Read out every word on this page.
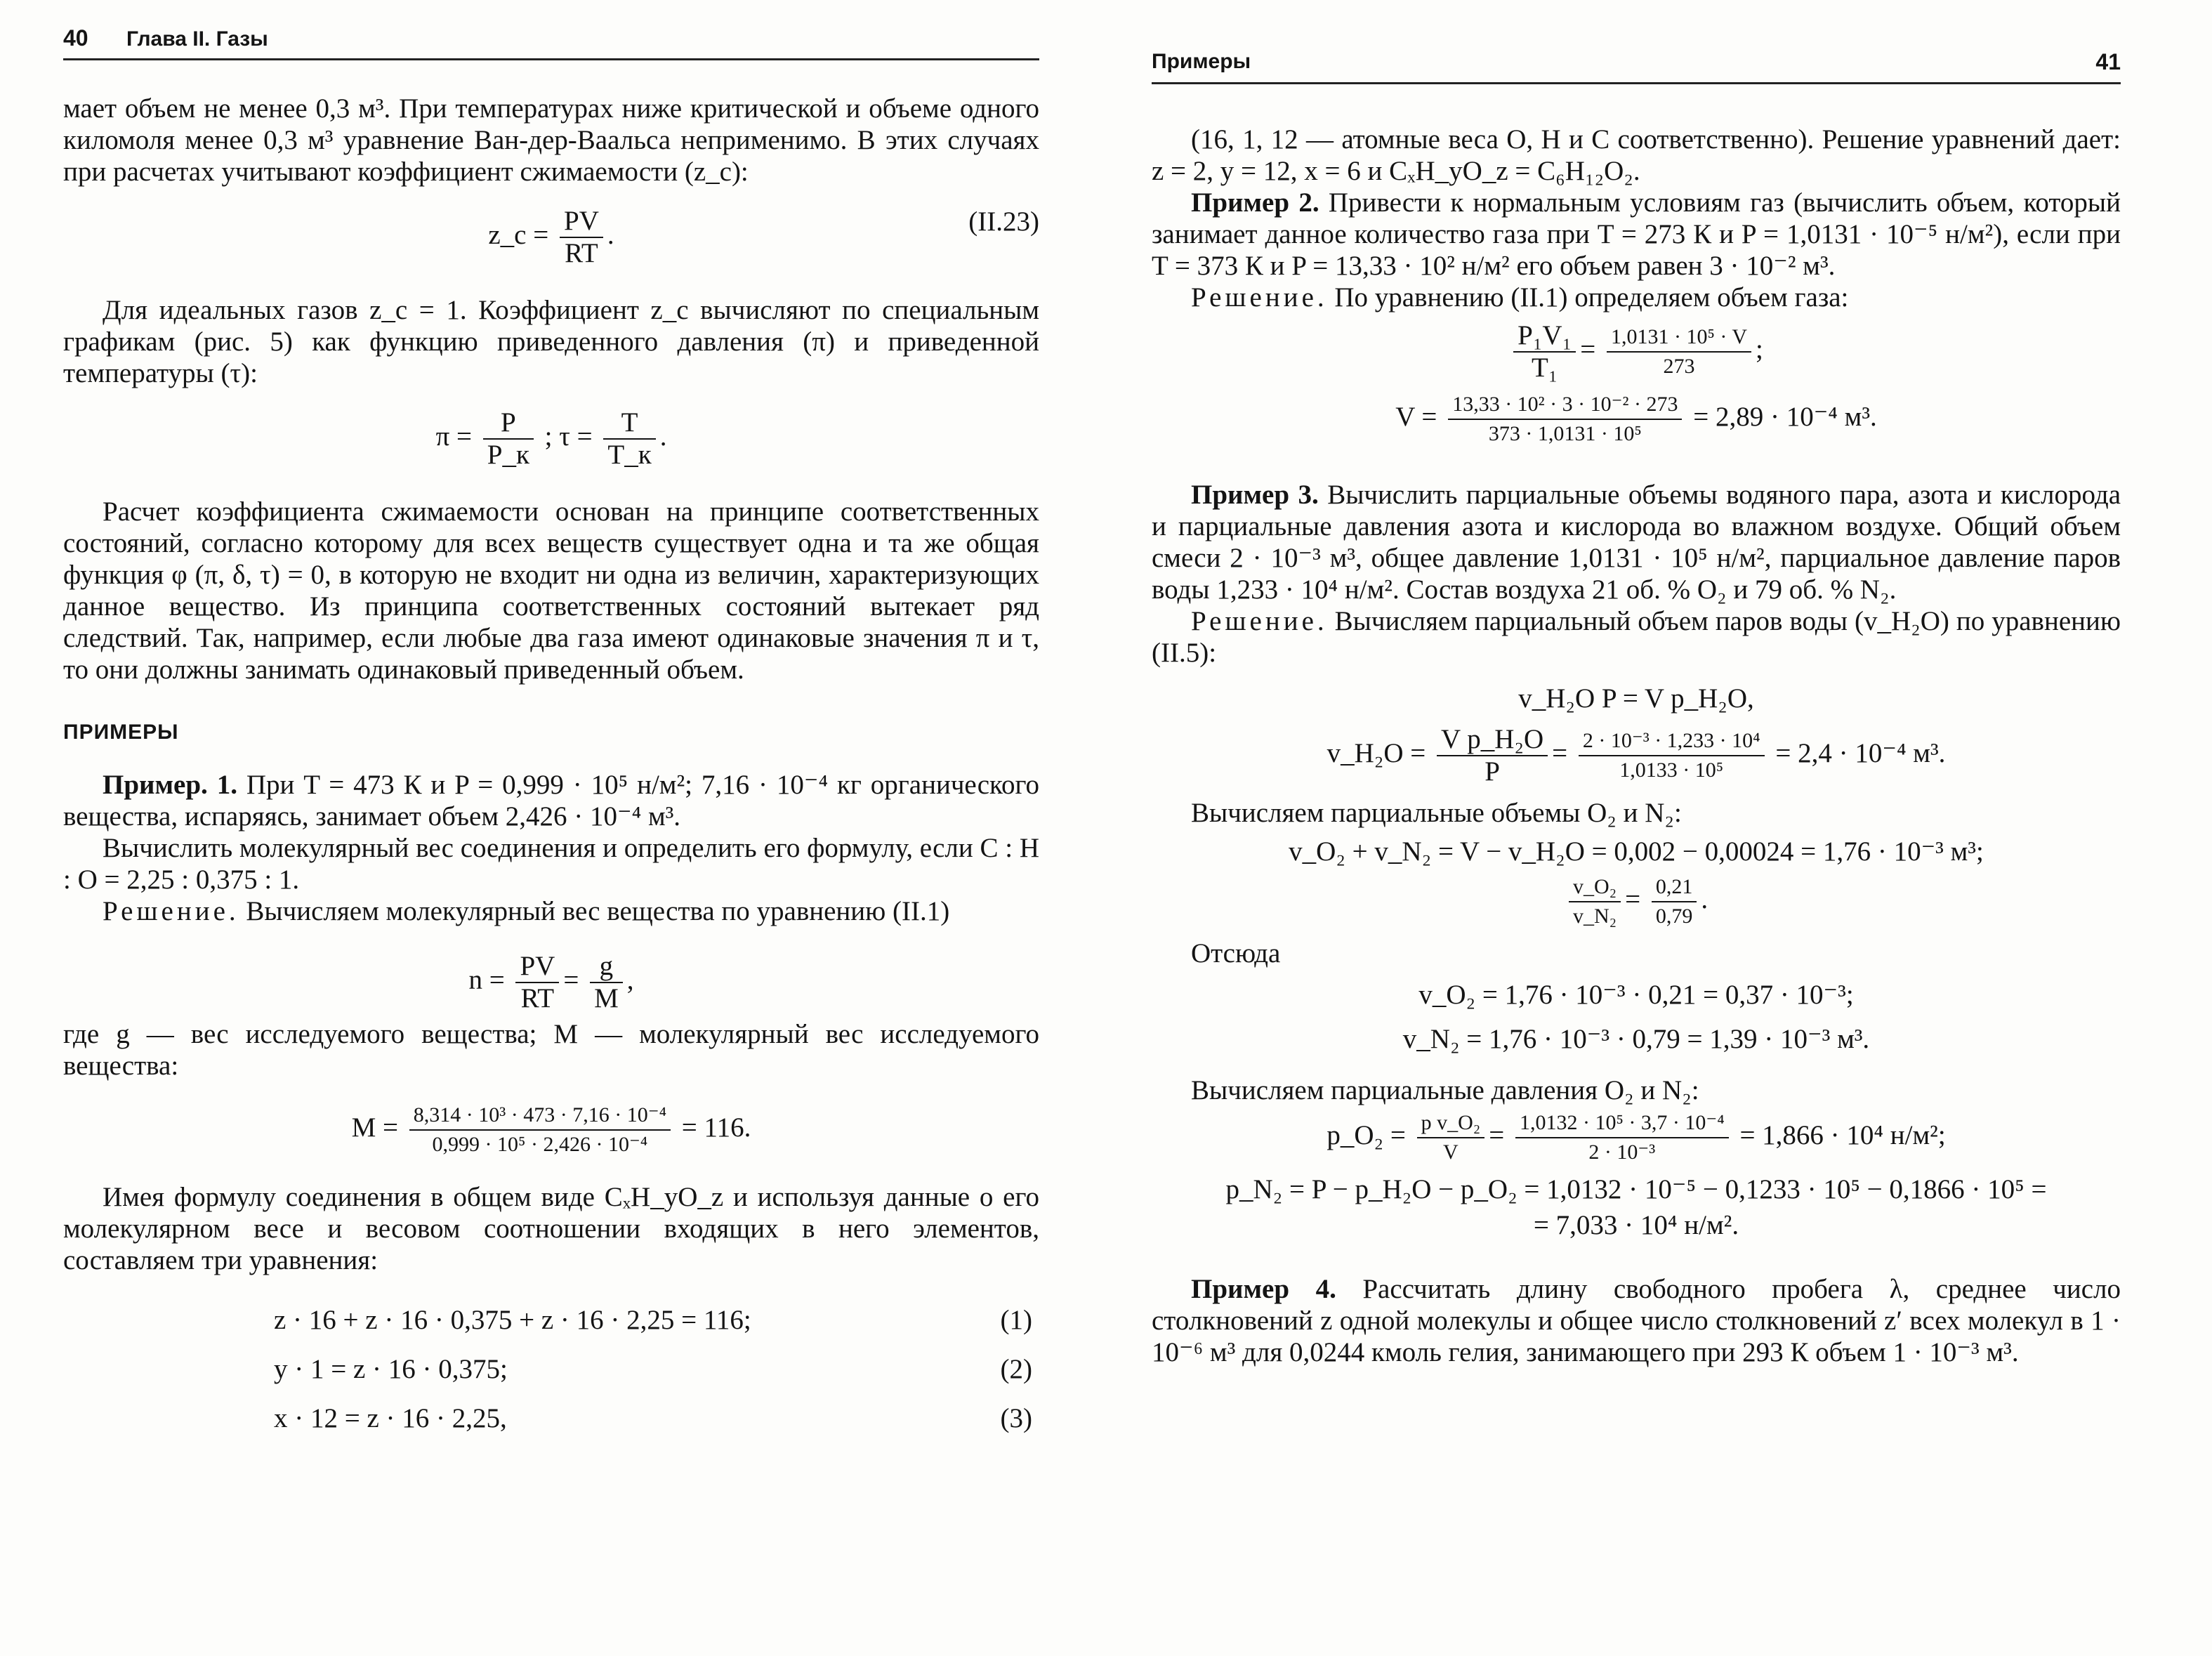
40 Глава II. Газы

мает объем не менее 0,3 м³. При температурах ниже критической и объеме одного киломоля менее 0,3 м³ уравнение Ван-дер-Ваальса неприменимо. В этих случаях при расчетах учитывают коэффициент сжимаемости (z_c):

z_c = $\frac{PV}{RT}$ .	(II.23)

Для идеальных газов z_c = 1. Коэффициент z_c вычисляют по специальным графикам (рис. 5) как функцию приведенного давления (π) и приведенной температуры (τ):

$\pi = \frac{P}{P\_к}$ ; $\tau = \frac{T}{T\_к}$ .

Расчет коэффициента сжимаемости основан на принципе соответственных состояний, согласно которому для всех веществ существует одна и та же общая функция φ (π, δ, τ) = 0, в которую не входит ни одна из величин, характеризующих данное вещество. Из принципа соответственных состояний вытекает ряд следствий. Так, например, если любые два газа имеют одинаковые значения π и τ, то они должны занимать одинаковый приведенный объем.

ПРИМЕРЫ

Пример. 1. При T = 473 К и P = 0,999 · 10⁵ н/м²; 7,16 · 10⁻⁴ кг органического вещества, испаряясь, занимает объем 2,426 · 10⁻⁴ м³.

Вычислить молекулярный вес соединения и определить его формулу, если C : H : O = 2,25 : 0,375 : 1.

Решение. Вычисляем молекулярный вес вещества по уравнению (II.1)

$n = \frac{PV}{RT} = \frac{g}{M}$ ,

где g — вес исследуемого вещества; M — молекулярный вес исследуемого вещества:

$M = \frac{\text{8,314 · 10³ · 473 · 7,16 · 10⁻⁴}}{\text{0,999 · 10⁵ · 2,426 · 10⁻⁴}} = 116$.

Имея формулу соединения в общем виде CₓH_yO_z и используя данные о его молекулярном весе и весовом соотношении входящих в него элементов, составляем три уравнения:

z · 16 + z · 16 · 0,375 + z · 16 · 2,25 = 116;	(1)
y · 1 = z · 16 · 0,375;	(2)
x · 12 = z · 16 · 2,25,	(3)
Примеры	41

(16, 1, 12 — атомные веса O, H и C соответственно). Решение уравнений дает: z = 2, y = 12, x = 6 и CₓH_yO_z = C₆H₁₂O₂.

Пример 2. Привести к нормальным условиям газ (вычислить объем, который занимает данное количество газа при T = 273 К и P = 1,0131 · 10⁻⁵ н/м²), если при T = 373 К и P = 13,33 · 10² н/м² его объем равен 3 · 10⁻² м³.

Решение. По уравнению (II.1) определяем объем газа:

$\frac{\text{P₁V₁}}{\text{T₁}} = \frac{\text{1,0131 · 10⁵ · V}}{273}$ ;
$V = \frac{\text{13,33 · 10² · 3 · 10⁻² · 273}}{\text{373 · 1,0131 · 10⁵}} = 2,89 \cdot 10^{-4}$ м³.

Пример 3. Вычислить парциальные объемы водяного пара, азота и кислорода и парциальные давления азота и кислорода во влажном воздухе. Общий объем смеси 2 · 10⁻³ м³, общее давление 1,0131 · 10⁵ н/м², парциальное давление паров воды 1,233 · 10⁴ н/м². Состав воздуха 21 об. % O₂ и 79 об. % N₂.

Решение. Вычисляем парциальный объем паров воды (v_H₂O) по уравнению (II.5):

v_H₂O P = V p_H₂O,

v_H₂O = $\frac{\text{V p\_H₂O}}{P} = \frac{\text{2 · 10⁻³ · 1,233 · 10⁴}}{\text{1,0133 · 10⁵}} = 2,4 \cdot 10^{-4}$ м³.

Вычисляем парциальные объемы O₂ и N₂:

v_O₂ + v_N₂ = V − v_H₂O = 0,002 − 0,00024 = 1,76 · 10⁻³ м³;

$\frac{\text{v\_O₂}}{\text{v\_N₂}} = \frac{0,21}{0,79}$ .

Отсюда

v_O₂ = 1,76 · 10⁻³ · 0,21 = 0,37 · 10⁻³;

v_N₂ = 1,76 · 10⁻³ · 0,79 = 1,39 · 10⁻³ м³.

Вычисляем парциальные давления O₂ и N₂:

p_O₂ = $\frac{\text{p v\_O₂}}{V} = \frac{\text{1,0132 · 10⁵ · 3,7 · 10⁻⁴}}{\text{2 · 10⁻³}} = 1,866 \cdot 10^4$ н/м²;

p_N₂ = P − p_H₂O − p_O₂ = 1,0132 · 10⁻⁵ − 0,1233 · 10⁵ − 0,1866 · 10⁵ =

= 7,033 · 10⁴ н/м².

Пример 4. Рассчитать длину свободного пробега λ, среднее число столкновений z одной молекулы и общее число столкновений z′ всех молекул в 1 · 10⁻⁶ м³ для 0,0244 кмоль гелия, занимающего при 293 К объем 1 · 10⁻³ м³.
